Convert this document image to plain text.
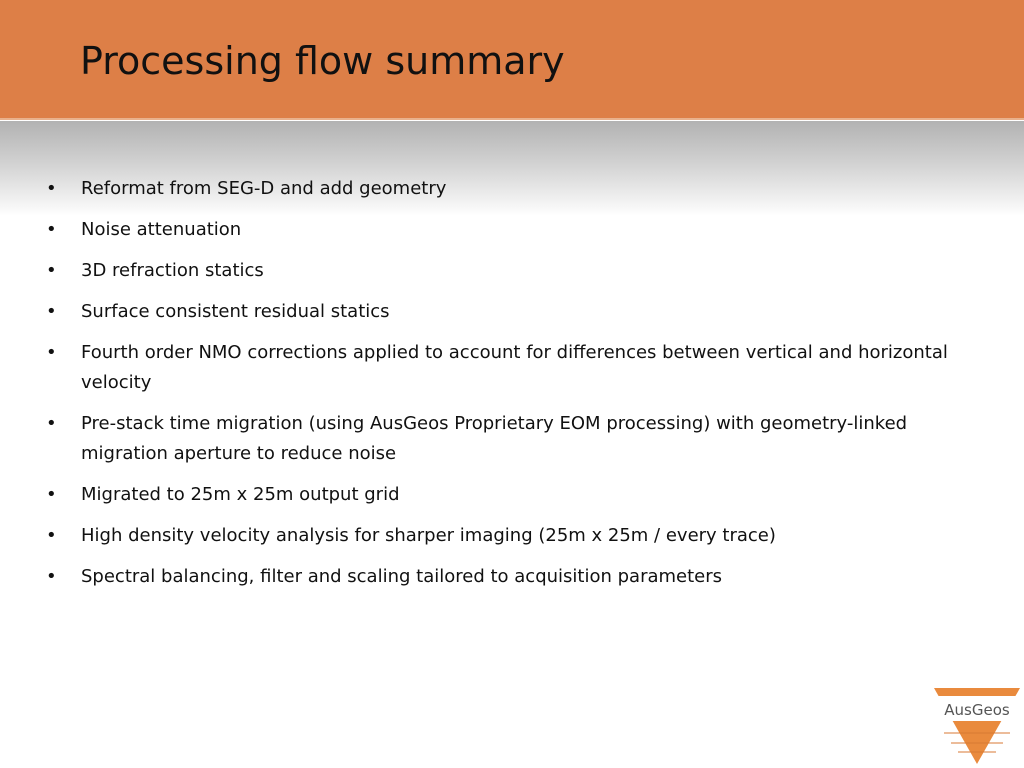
Processing flow summary
•	Reformat from SEG-D and add geometry
•	Noise attenuation
•	3D refraction statics
•	Surface consistent residual statics
•	Fourth order NMO corrections applied to account for differences between vertical and horizontal velocity
•	Pre-stack time migration (using AusGeos Proprietary EOM processing) with geometry-linked migration aperture to reduce noise
•	Migrated to 25m x 25m output grid
•	High density velocity analysis for sharper imaging (25m x 25m / every trace)
•	Spectral balancing, filter and scaling tailored to acquisition parameters
AusGeos
